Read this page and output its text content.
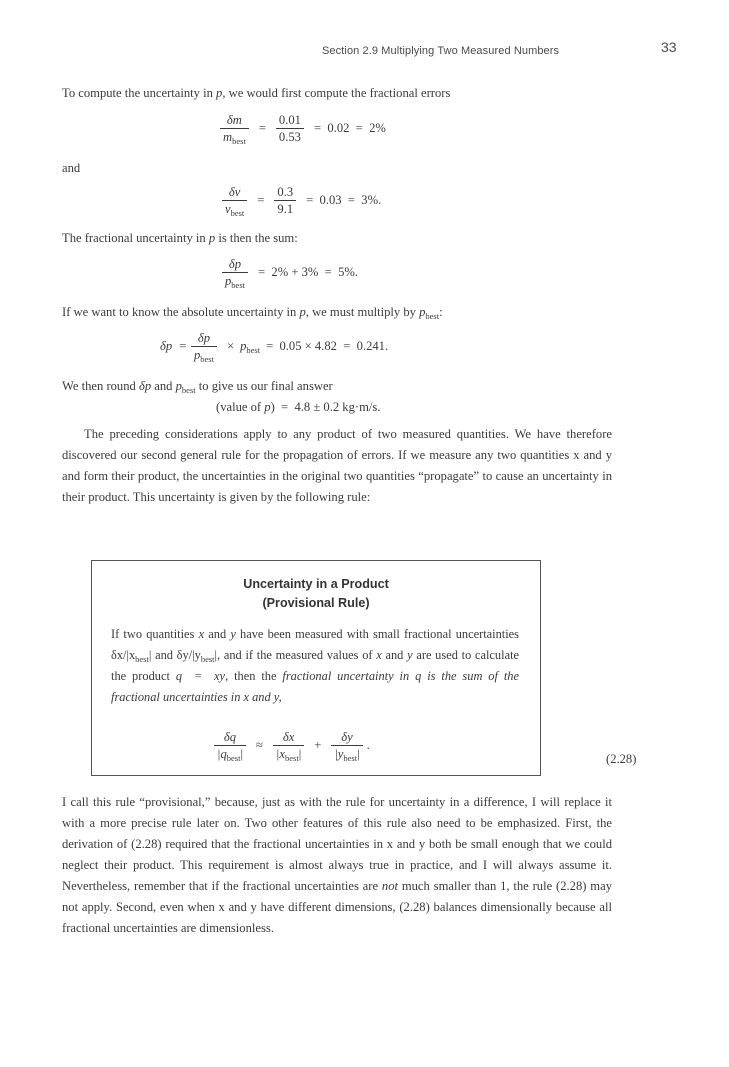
Section 2.9 Multiplying Two Measured Numbers	33

To compute the uncertainty in p, we would first compute the fractional errors

$\frac{\delta m}{m_{best}} = \frac{0.01}{0.53} = 0.02 = 2\%$

and

$\frac{\delta v}{v_{best}} = \frac{0.3}{9.1} = 0.03 = 3\%$.

The fractional uncertainty in p is then the sum:

$\frac{\delta p}{p_{best}} = 2\% + 3\% = 5\%$.

If we want to know the absolute uncertainty in p, we must multiply by $p_{best}$:

$\delta p = \frac{\delta p}{p_{best}} \times p_{best} = 0.05 \times 4.82 = 0.241$.

We then round δp and $p_{best}$ to give us our final answer

(value of p)  =  4.8 ± 0.2 kg·m/s.

The preceding considerations apply to any product of two measured quantities. We have therefore discovered our second general rule for the propagation of errors. If we measure any two quantities x and y and form their product, the uncertainties in the original two quantities “propagate” to cause an uncertainty in their product. This uncertainty is given by the following rule:

Uncertainty in a Product
(Provisional Rule)
If two quantities x and y have been measured with small fractional uncertainties $\delta x/|x_{best}|$ and $\delta y/|y_{best}|$, and if the measured values of x and y are used to calculate the product q  =  xy, then the fractional uncertainty in q is the sum of the fractional uncertainties in x and y,
$\frac{\delta q}{|q_{best}|} \approx \frac{\delta x}{|x_{best}|} + \frac{\delta y}{|y_{best}|}$ .
(2.28)

I call this rule “provisional,” because, just as with the rule for uncertainty in a difference, I will replace it with a more precise rule later on. Two other features of this rule also need to be emphasized. First, the derivation of (2.28) required that the fractional uncertainties in x and y both be small enough that we could neglect their product. This requirement is almost always true in practice, and I will always assume it. Nevertheless, remember that if the fractional uncertainties are not much smaller than 1, the rule (2.28) may not apply. Second, even when x and y have different dimensions, (2.28) balances dimensionally because all fractional uncertainties are dimensionless.
